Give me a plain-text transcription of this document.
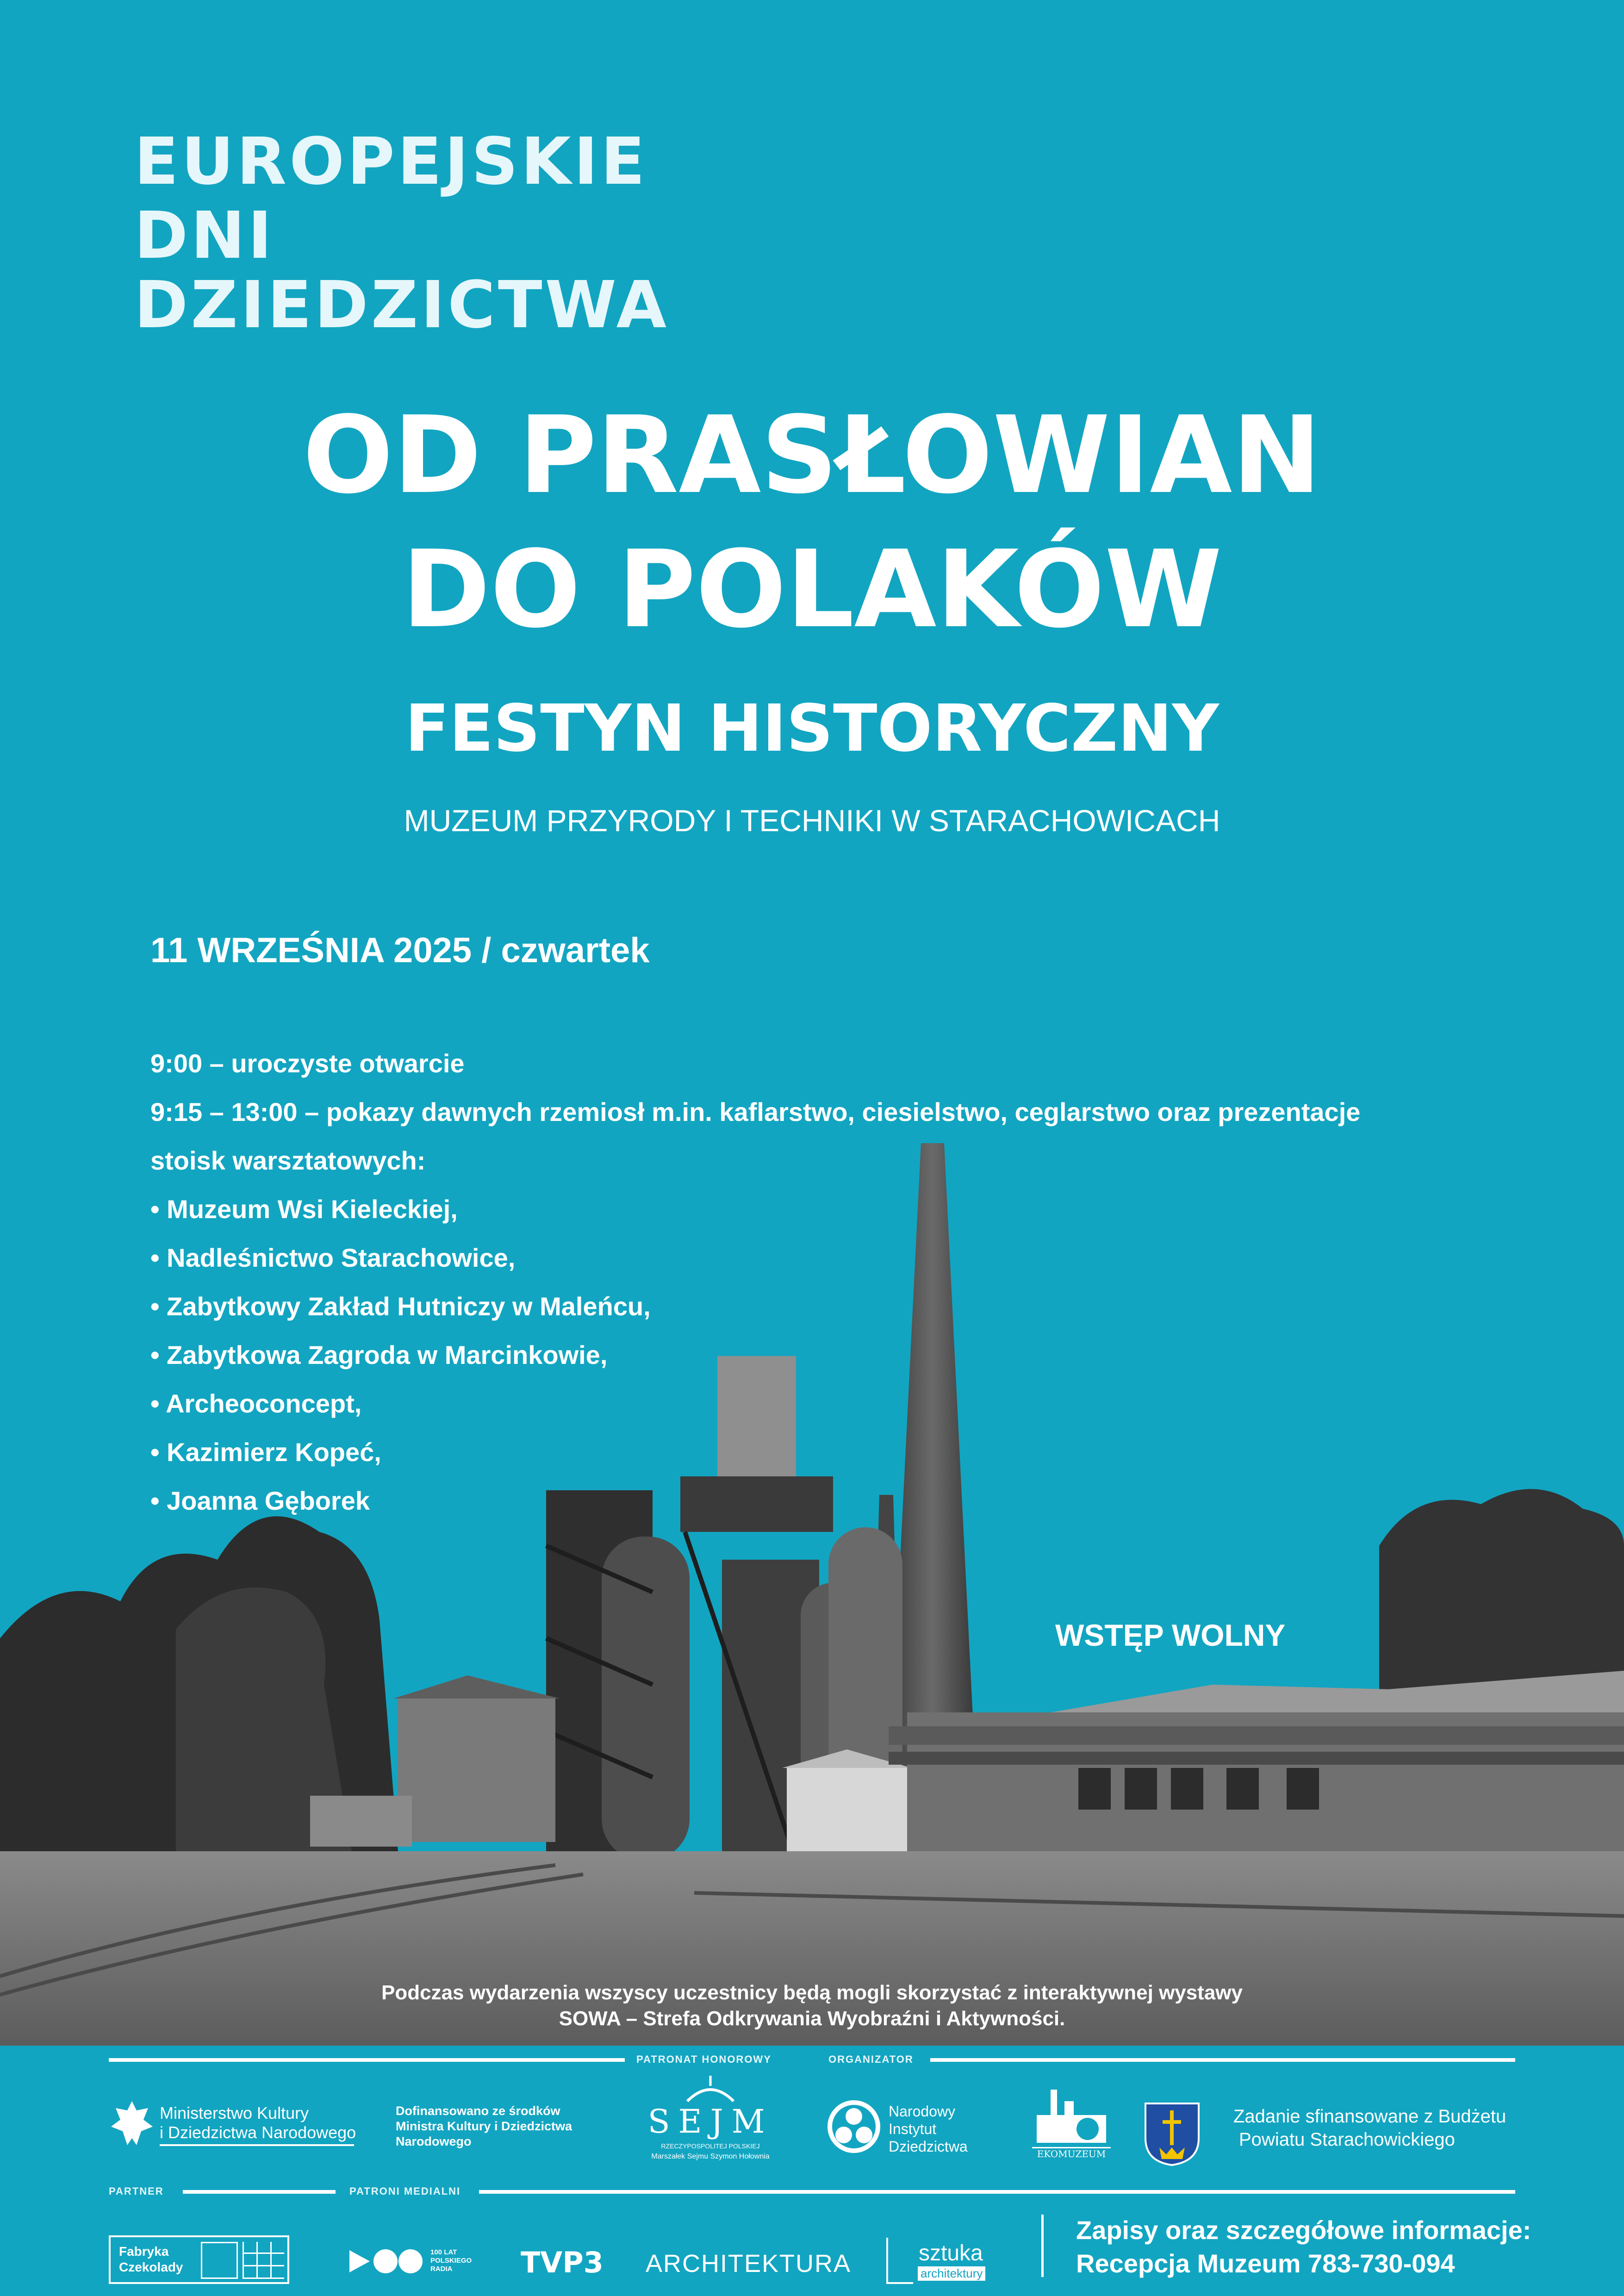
EUROPEJSKIE
DNI
DZIEDZICTWA
OD PRASŁOWIAN
DO POLAKÓW
FESTYN HISTORYCZNY
MUZEUM PRZYRODY I TECHNIKI W STARACHOWICACH
11 WRZEŚNIA 2025 / czwartek
9:00 – uroczyste otwarcie
9:15 – 13:00 – pokazy dawnych rzemiosł m.in. kaflarstwo, ciesielstwo, ceglarstwo oraz prezentacje
stoisk warsztatowych:
• Muzeum Wsi Kieleckiej,
• Nadleśnictwo Starachowice,
• Zabytkowy Zakład Hutniczy w Maleńcu,
• Zabytkowa Zagroda w Marcinkowie,
• Archeoconcept,
• Kazimierz Kopeć,
• Joanna Gęborek
WSTĘP WOLNY
Podczas wydarzenia wszyscy uczestnicy będą mogli skorzystać z interaktywnej wystawy
SOWA – Strefa Odkrywania Wyobraźni i Aktywności.
PATRONAT HONOROWY	ORGANIZATOR
Ministerstwo Kultury
i Dziedzictwa Narodowego
Dofinansowano ze środków
Ministra Kultury i Dziedzictwa
Narodowego
SEJM
RZECZYPOSPOLITEJ POLSKIEJ
Marszałek Sejmu Szymon Hołownia
Narodowy
Instytut
Dziedzictwa	EKOMUZEUM
Zadanie sfinansowane z Budżetu
Powiatu Starachowickiego
PARTNER	PATRONI MEDIALNI
Fabryka
Czekolady
100 LAT
POLSKIEGO
RADIA	TVP3 ARCHITEKTURA	sztuka
architektury
Zapisy oraz szczegółowe informacje:
Recepcja Muzeum 783-730-094
